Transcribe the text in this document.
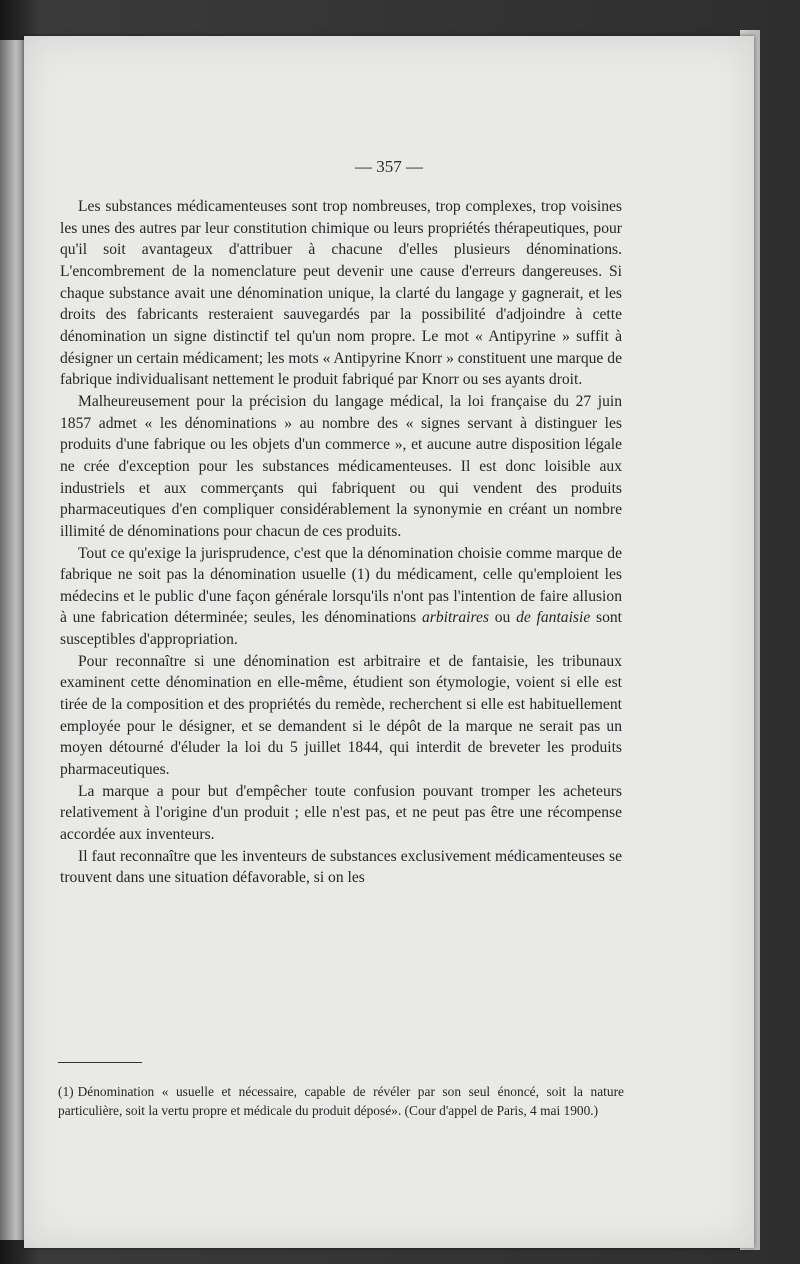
— 357 —

Les substances médicamenteuses sont trop nombreuses, trop complexes, trop voisines les unes des autres par leur constitution chimique ou leurs propriétés thérapeutiques, pour qu'il soit avantageux d'attribuer à chacune d'elles plusieurs dénominations. L'encombrement de la nomenclature peut devenir une cause d'erreurs dangereuses. Si chaque substance avait une dénomination unique, la clarté du langage y gagnerait, et les droits des fabricants resteraient sauvegardés par la possibilité d'adjoindre à cette dénomination un signe distinctif tel qu'un nom propre. Le mot « Antipyrine » suffit à désigner un certain médicament; les mots « Antipyrine Knorr » constituent une marque de fabrique individualisant nettement le produit fabriqué par Knorr ou ses ayants droit.

Malheureusement pour la précision du langage médical, la loi française du 27 juin 1857 admet « les dénominations » au nombre des « signes servant à distinguer les produits d'une fabrique ou les objets d'un commerce », et aucune autre disposition légale ne crée d'exception pour les substances médicamenteuses. Il est donc loisible aux industriels et aux commerçants qui fabriquent ou qui vendent des produits pharmaceutiques d'en compliquer considérablement la synonymie en créant un nombre illimité de dénominations pour chacun de ces produits.

Tout ce qu'exige la jurisprudence, c'est que la dénomination choisie comme marque de fabrique ne soit pas la dénomination usuelle (1) du médicament, celle qu'emploient les médecins et le public d'une façon générale lorsqu'ils n'ont pas l'intention de faire allusion à une fabrication déterminée; seules, les dénominations arbitraires ou de fantaisie sont susceptibles d'appropriation.

Pour reconnaître si une dénomination est arbitraire et de fantaisie, les tribunaux examinent cette dénomination en elle-même, étudient son étymologie, voient si elle est tirée de la composition et des propriétés du remède, recherchent si elle est habituellement employée pour le désigner, et se demandent si le dépôt de la marque ne serait pas un moyen détourné d'éluder la loi du 5 juillet 1844, qui interdit de breveter les produits pharmaceutiques.

La marque a pour but d'empêcher toute confusion pouvant tromper les acheteurs relativement à l'origine d'un produit ; elle n'est pas, et ne peut pas être une récompense accordée aux inventeurs.

Il faut reconnaître que les inventeurs de substances exclusivement médicamenteuses se trouvent dans une situation défavorable, si on les

(1) Dénomination « usuelle et nécessaire, capable de révéler par son seul énoncé, soit la nature particulière, soit la vertu propre et médicale du produit déposé». (Cour d'appel de Paris, 4 mai 1900.)
